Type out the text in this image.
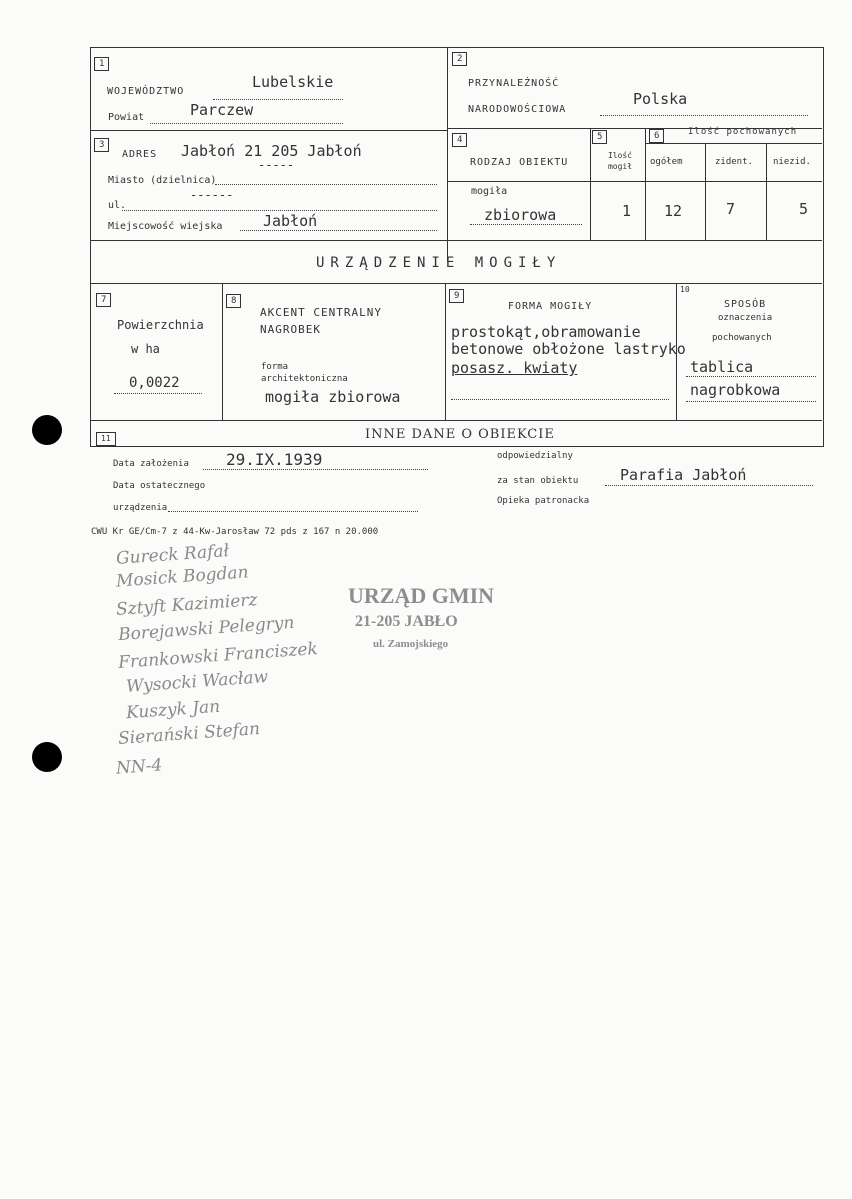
1
WOJEWÓDZTWO
Lubelskie
Powiat	Parczew
2
PRZYNALEŻNOŚĆ
NARODOWOŚCIOWA
Polska
3
ADRES Jabłoń 21 205 Jabłoń
-----
Miasto (dzielnica)
------
ul.
Miejscowość wiejska	Jabłoń
4
RODZAJ OBIEKTU
mogiła
zbiorowa
5
Ilość mogił
1
6	Ilość pochowanych
ogółem	zident. niezid.
12	7	5
URZĄDZENIE MOGIŁY
7
Powierzchnia
w ha
0,0022
8
AKCENT CENTRALNY
NAGROBEK
forma
architektoniczna
mogiła zbiorowa
9
FORMA MOGIŁY
prostokąt,obramowanie
betonowe obłożone lastryko
posasz. kwiaty
10
SPOSÓB
oznaczenia
pochowanych
tablica
nagrobkowa
11	INNE DANE O OBIEKCIE
Data założenia 29.IX.1939
Data ostatecznego
urządzenia
odpowiedzialny
za stan obiektu	Parafia Jabłoń
Opieka patronacka
CWU Kr GE/Cm-7 z 44-Kw-Jarosław 72 pds z 167 n 20.000
Gureck Rafał
Mosick Bogdan
Sztyft Kazimierz
Borejawski Pelegryn
Frankowski Franciszek
Wysocki Wacław
Kuszyk Jan
Sierański Stefan
NN-4
URZĄD GMIN
21-205 JABŁO
ul. Zamojskiego
